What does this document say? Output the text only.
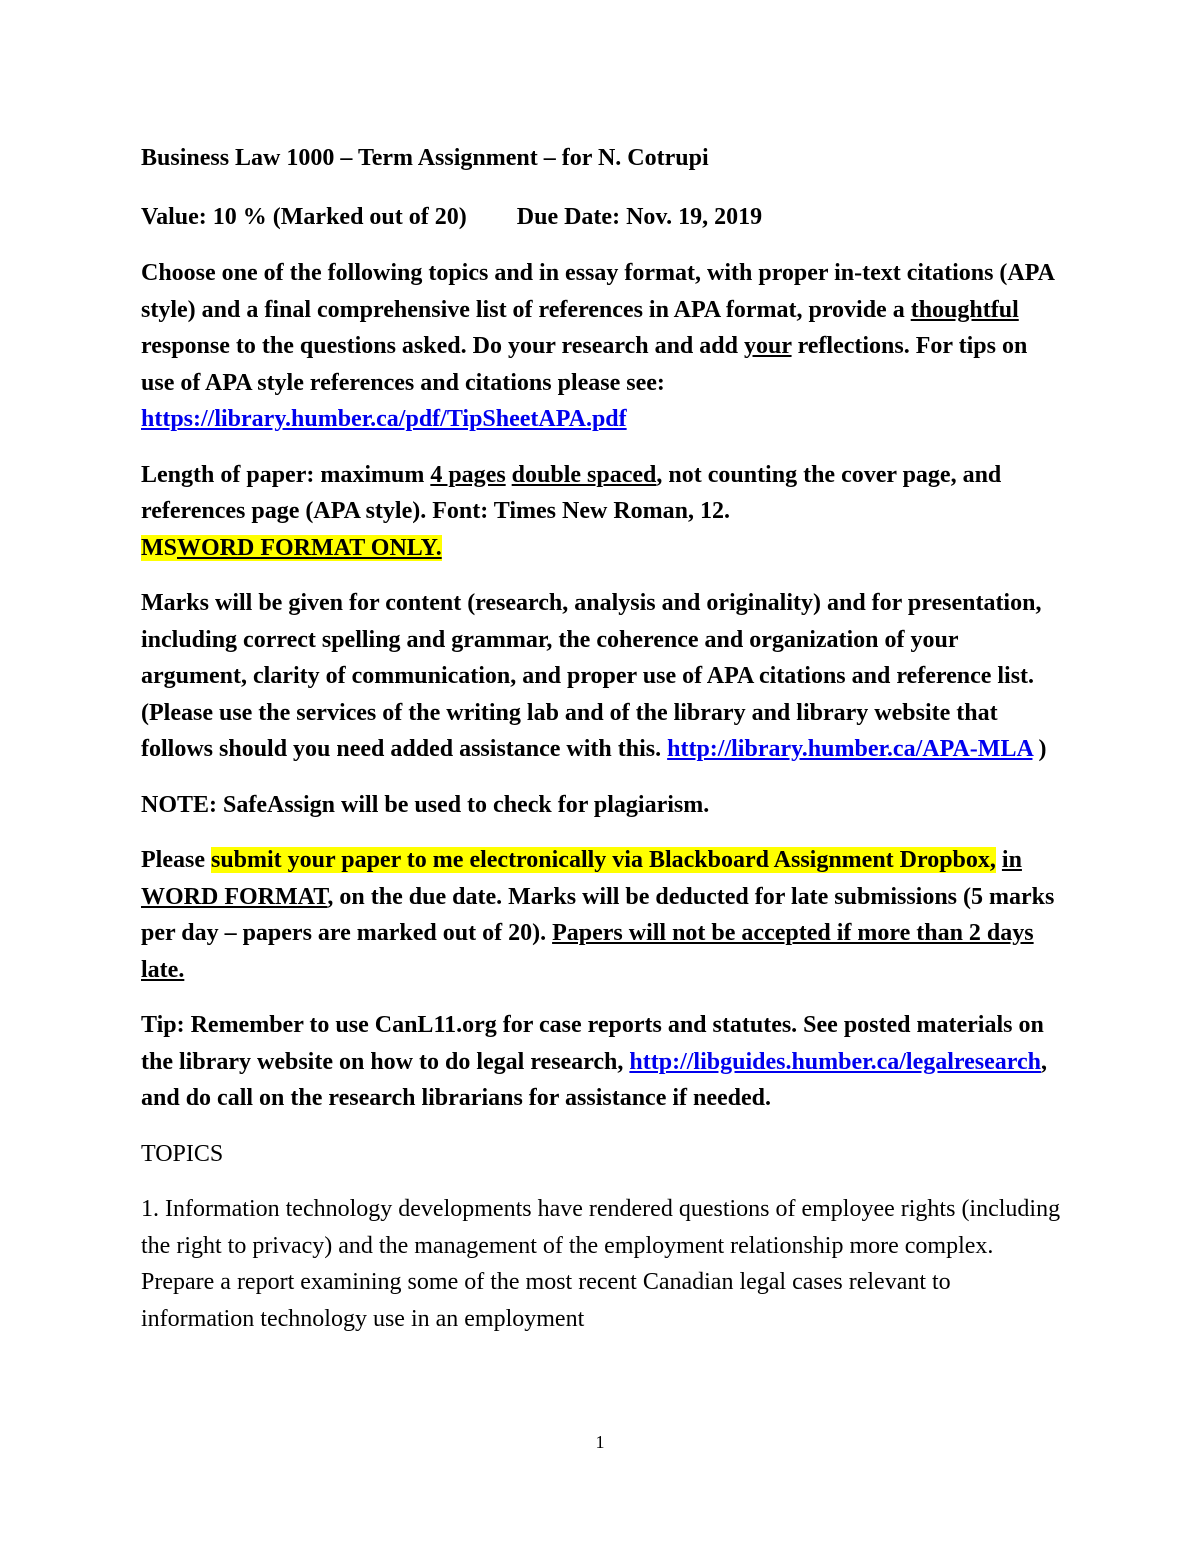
Business Law 1000 – Term Assignment – for N. Cotrupi

Value: 10 % (Marked out of 20) Due Date: Nov. 19, 2019

Choose one of the following topics and in essay format, with proper in-text citations (APA style) and a final comprehensive list of references in APA format, provide a thoughtful response to the questions asked. Do your research and add your reflections. For tips on use of APA style references and citations please see: https://library.humber.ca/pdf/TipSheetAPA.pdf

Length of paper: maximum 4 pages double spaced, not counting the cover page, and references page (APA style). Font: Times New Roman, 12.
MSWORD FORMAT ONLY.

Marks will be given for content (research, analysis and originality) and for presentation, including correct spelling and grammar, the coherence and organization of your argument, clarity of communication, and proper use of APA citations and reference list. (Please use the services of the writing lab and of the library and library website that follows should you need added assistance with this. http://library.humber.ca/APA-MLA )

NOTE: SafeAssign will be used to check for plagiarism.

Please submit your paper to me electronically via Blackboard Assignment Dropbox, in WORD FORMAT, on the due date. Marks will be deducted for late submissions (5 marks per day – papers are marked out of 20). Papers will not be accepted if more than 2 days late.

Tip: Remember to use CanL11.org for case reports and statutes. See posted materials on the library website on how to do legal research, http://libguides.humber.ca/legalresearch, and do call on the research librarians for assistance if needed.

TOPICS

1. Information technology developments have rendered questions of employee rights (including the right to privacy) and the management of the employment relationship more complex. Prepare a report examining some of the most recent Canadian legal cases relevant to information technology use in an employment

1
